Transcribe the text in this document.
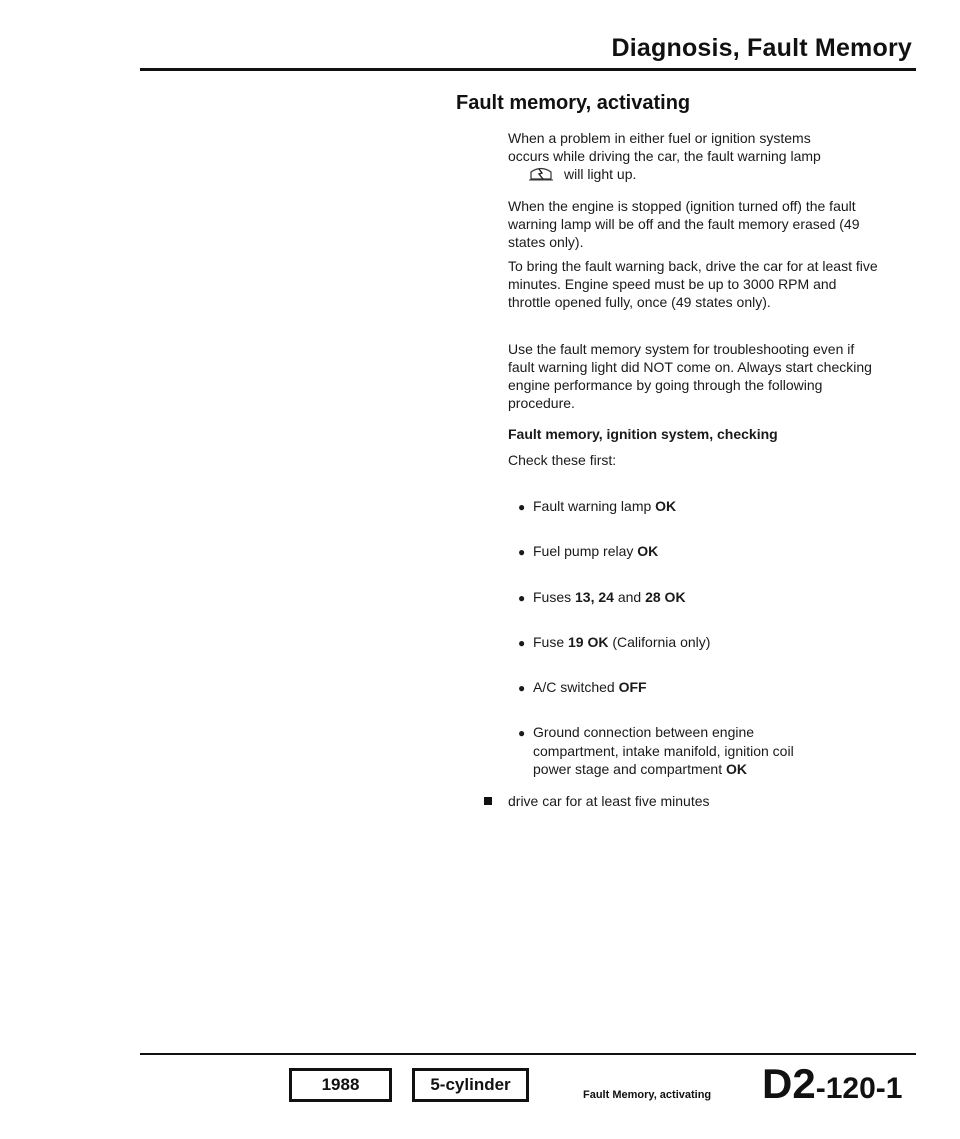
Diagnosis, Fault Memory
Fault memory, activating

When a problem in either fuel or ignition systems

occurs while driving the car, the fault warning lamp

will light up.
When the engine is stopped (ignition turned off) the fault warning lamp will be off and the fault memory erased (49 states only).
To bring the fault warning back, drive the car for at least five minutes. Engine speed must be up to 3000 RPM and throttle opened fully, once (49 states only).
Use the fault memory system for troubleshooting even if fault warning light did NOT come on. Always start checking engine performance by going through the following procedure.
Fault memory, ignition system, checking
Check these first:
● Fault warning lamp OK
● Fuel pump relay OK
● Fuses 13, 24 and 28 OK
● Fuse 19 OK (California only)
● A/C switched OFF
● Ground connection between engine
compartment, intake manifold, ignition coil
power stage and compartment OK
drive car for at least five minutes
1988	5-cylinder
Fault Memory, activating D2-120-1
